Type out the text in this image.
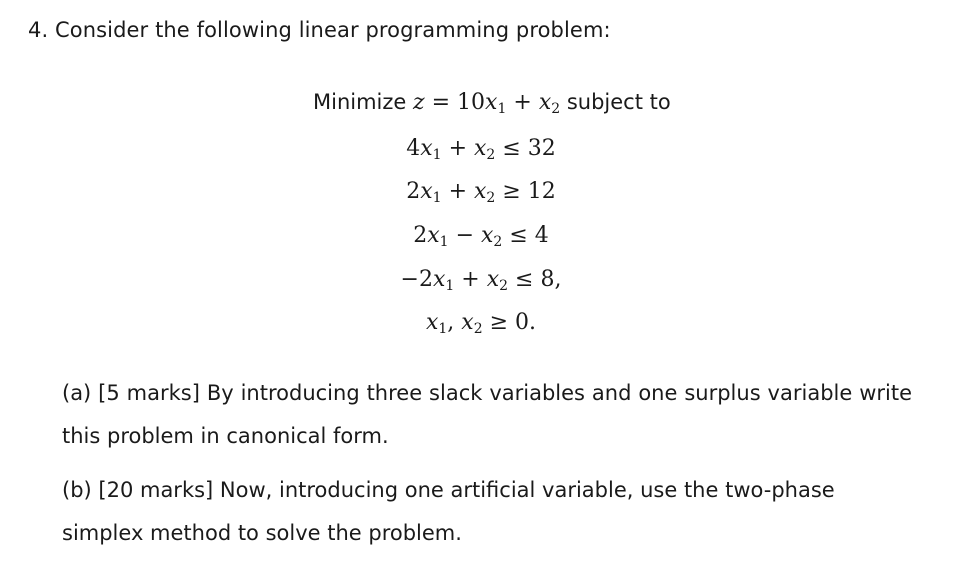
4. Consider the following linear programming problem:
Minimize $z = 10x_1 + x_2$ subject to
$4x_1 + x_2 \le 32$
$2x_1 + x_2 \ge 12$
$2x_1 - x_2 \le 4$
$-2x_1 + x_2 \le 8$,
$x_1$, $x_2 \ge 0$.
(a) [5 marks] By introducing three slack variables and one surplus variable write this problem in canonical form.
(b) [20 marks] Now, introducing one artificial variable, use the two-phase simplex method to solve the problem.
